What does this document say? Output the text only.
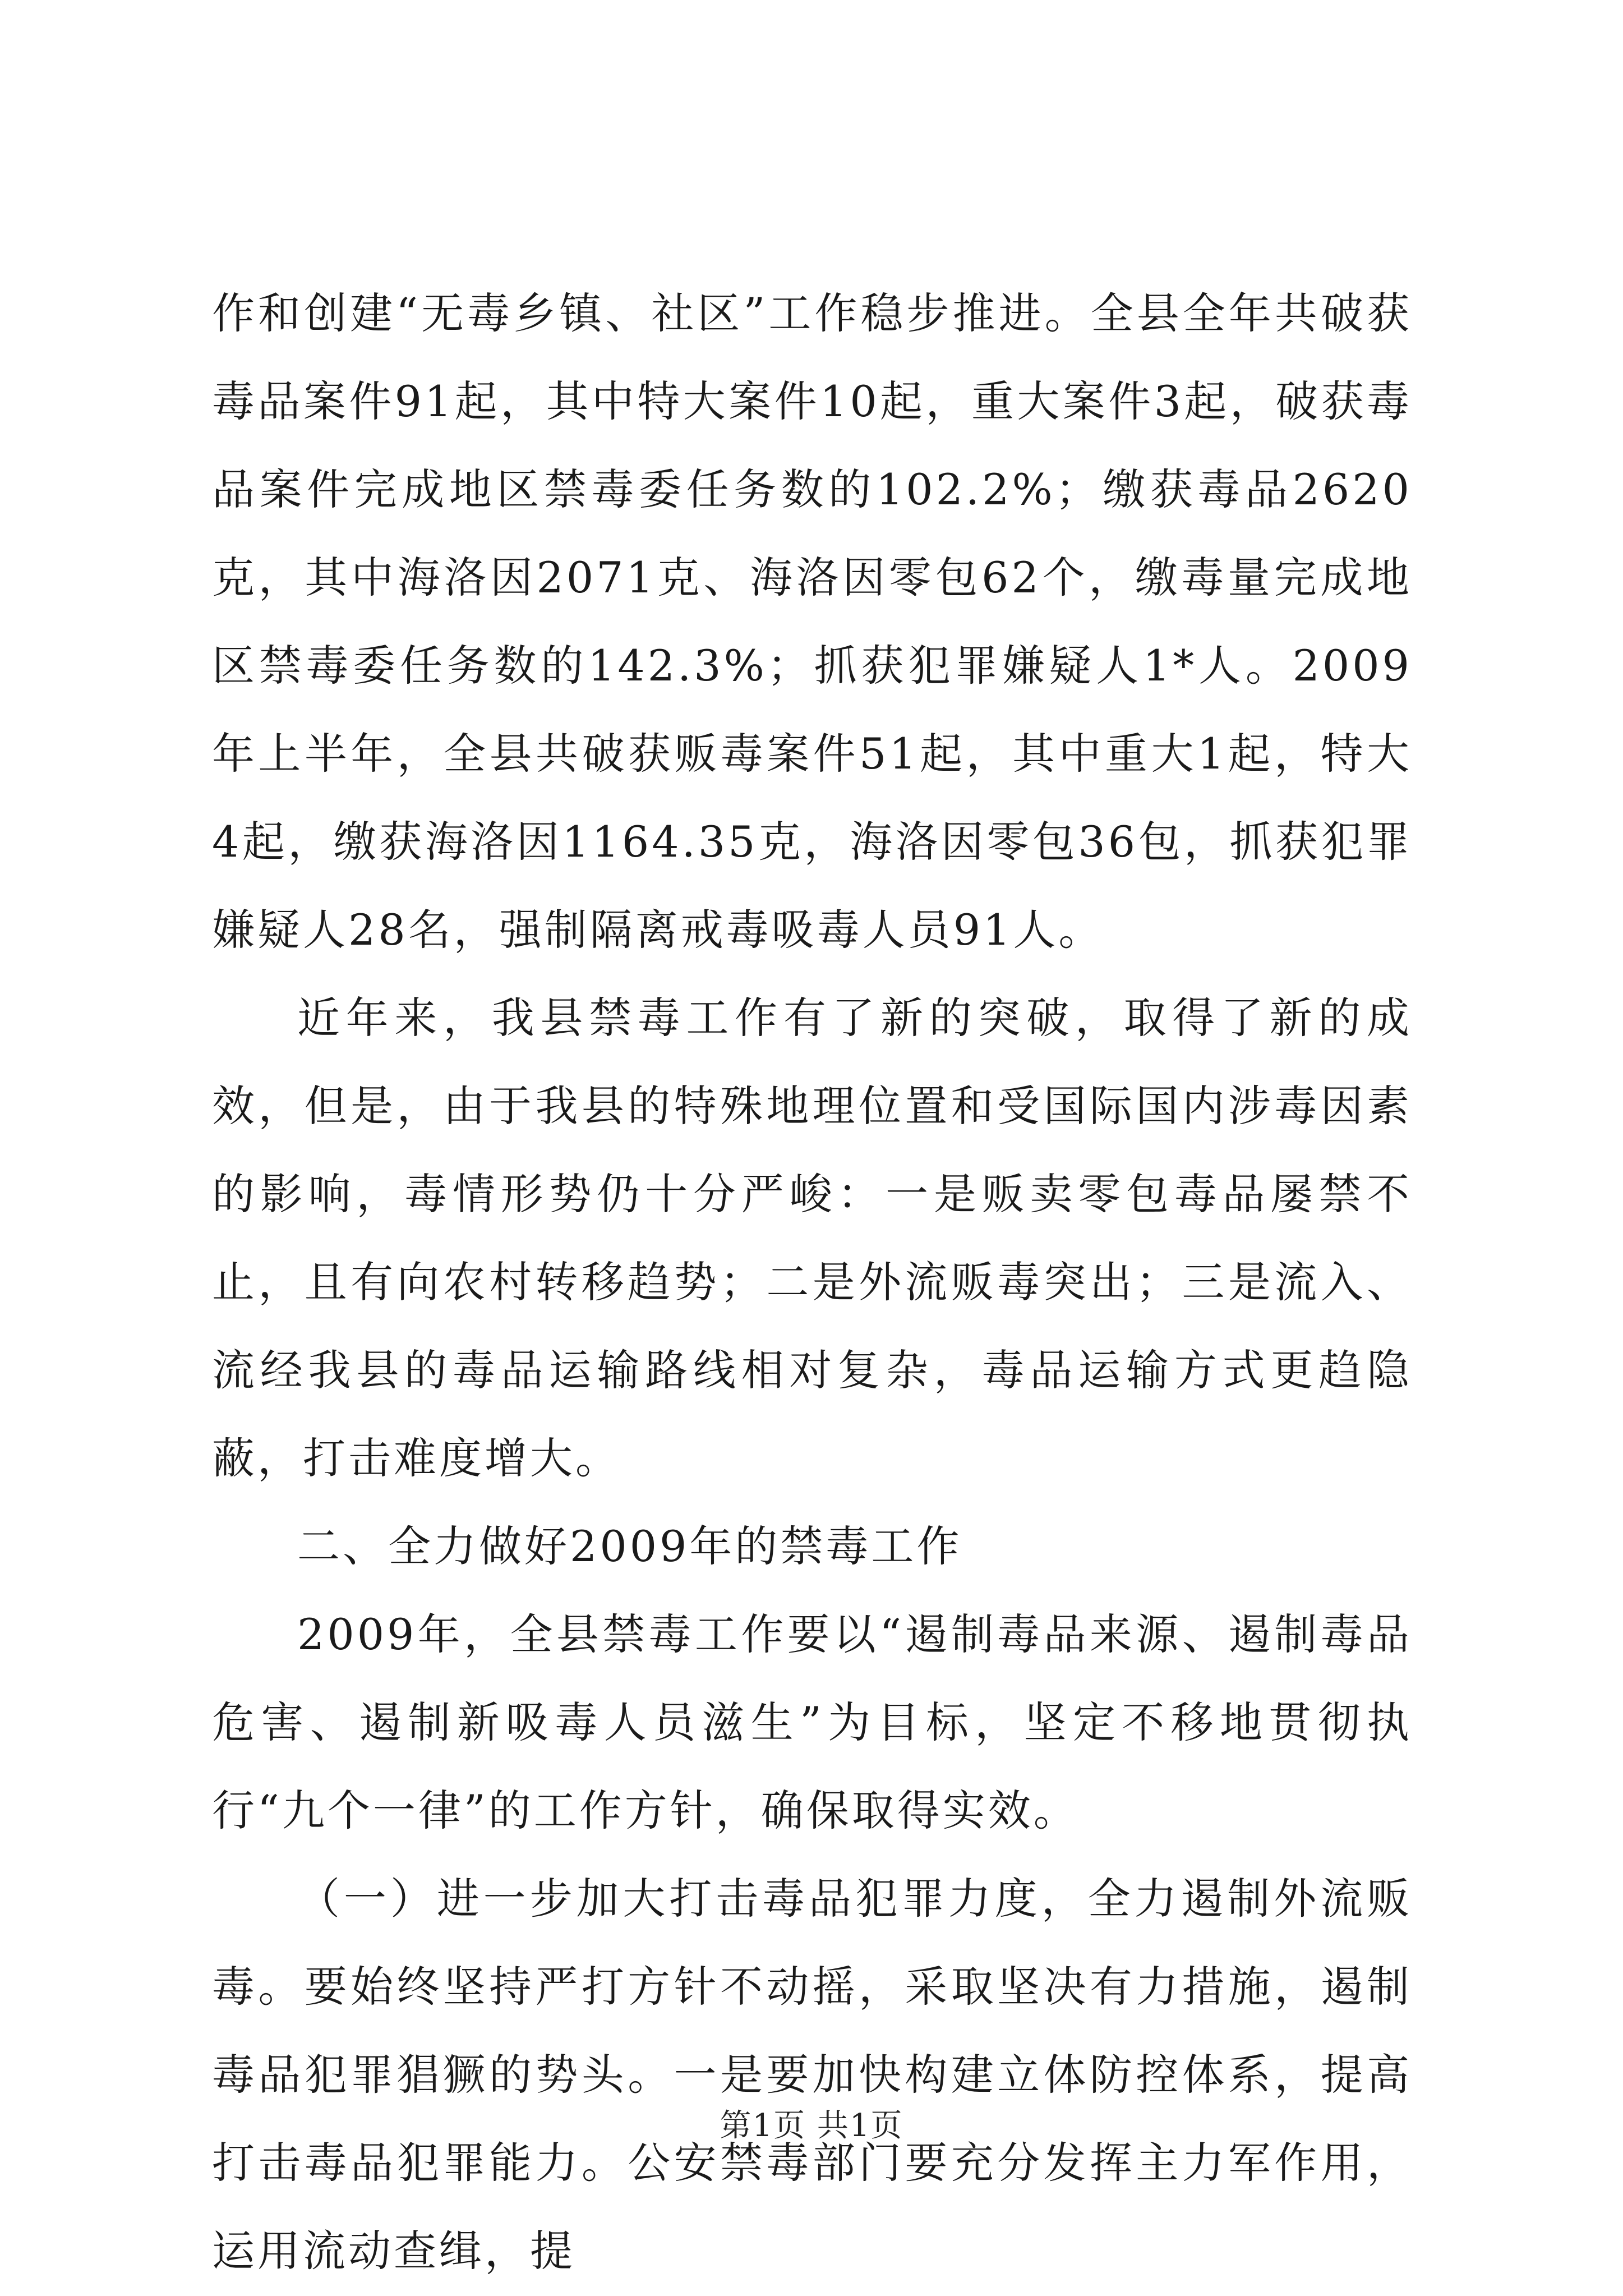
作和创建“无毒乡镇、社区”工作稳步推进。全县全年共破获毒品案件91起，其中特大案件10起，重大案件3起，破获毒品案件完成地区禁毒委任务数的102.2%；缴获毒品2620克，其中海洛因2071克、海洛因零包62个，缴毒量完成地区禁毒委任务数的142.3%；抓获犯罪嫌疑人1*人。2009年上半年，全县共破获贩毒案件51起，其中重大1起，特大4起，缴获海洛因1164.35克，海洛因零包36包，抓获犯罪嫌疑人28名，强制隔离戒毒吸毒人员91人。

近年来，我县禁毒工作有了新的突破，取得了新的成效，但是，由于我县的特殊地理位置和受国际国内涉毒因素的影响，毒情形势仍十分严峻：一是贩卖零包毒品屡禁不止，且有向农村转移趋势；二是外流贩毒突出；三是流入、流经我县的毒品运输路线相对复杂，毒品运输方式更趋隐蔽，打击难度增大。

二、全力做好2009年的禁毒工作

2009年，全县禁毒工作要以“遏制毒品来源、遏制毒品危害、遏制新吸毒人员滋生”为目标，坚定不移地贯彻执行“九个一律”的工作方针，确保取得实效。

（一）进一步加大打击毒品犯罪力度，全力遏制外流贩毒。要始终坚持严打方针不动摇，采取坚决有力措施，遏制毒品犯罪猖獗的势头。一是要加快构建立体防控体系，提高打击毒品犯罪能力。公安禁毒部门要充分发挥主力军作用，运用流动查缉，提

第1页 共1页
